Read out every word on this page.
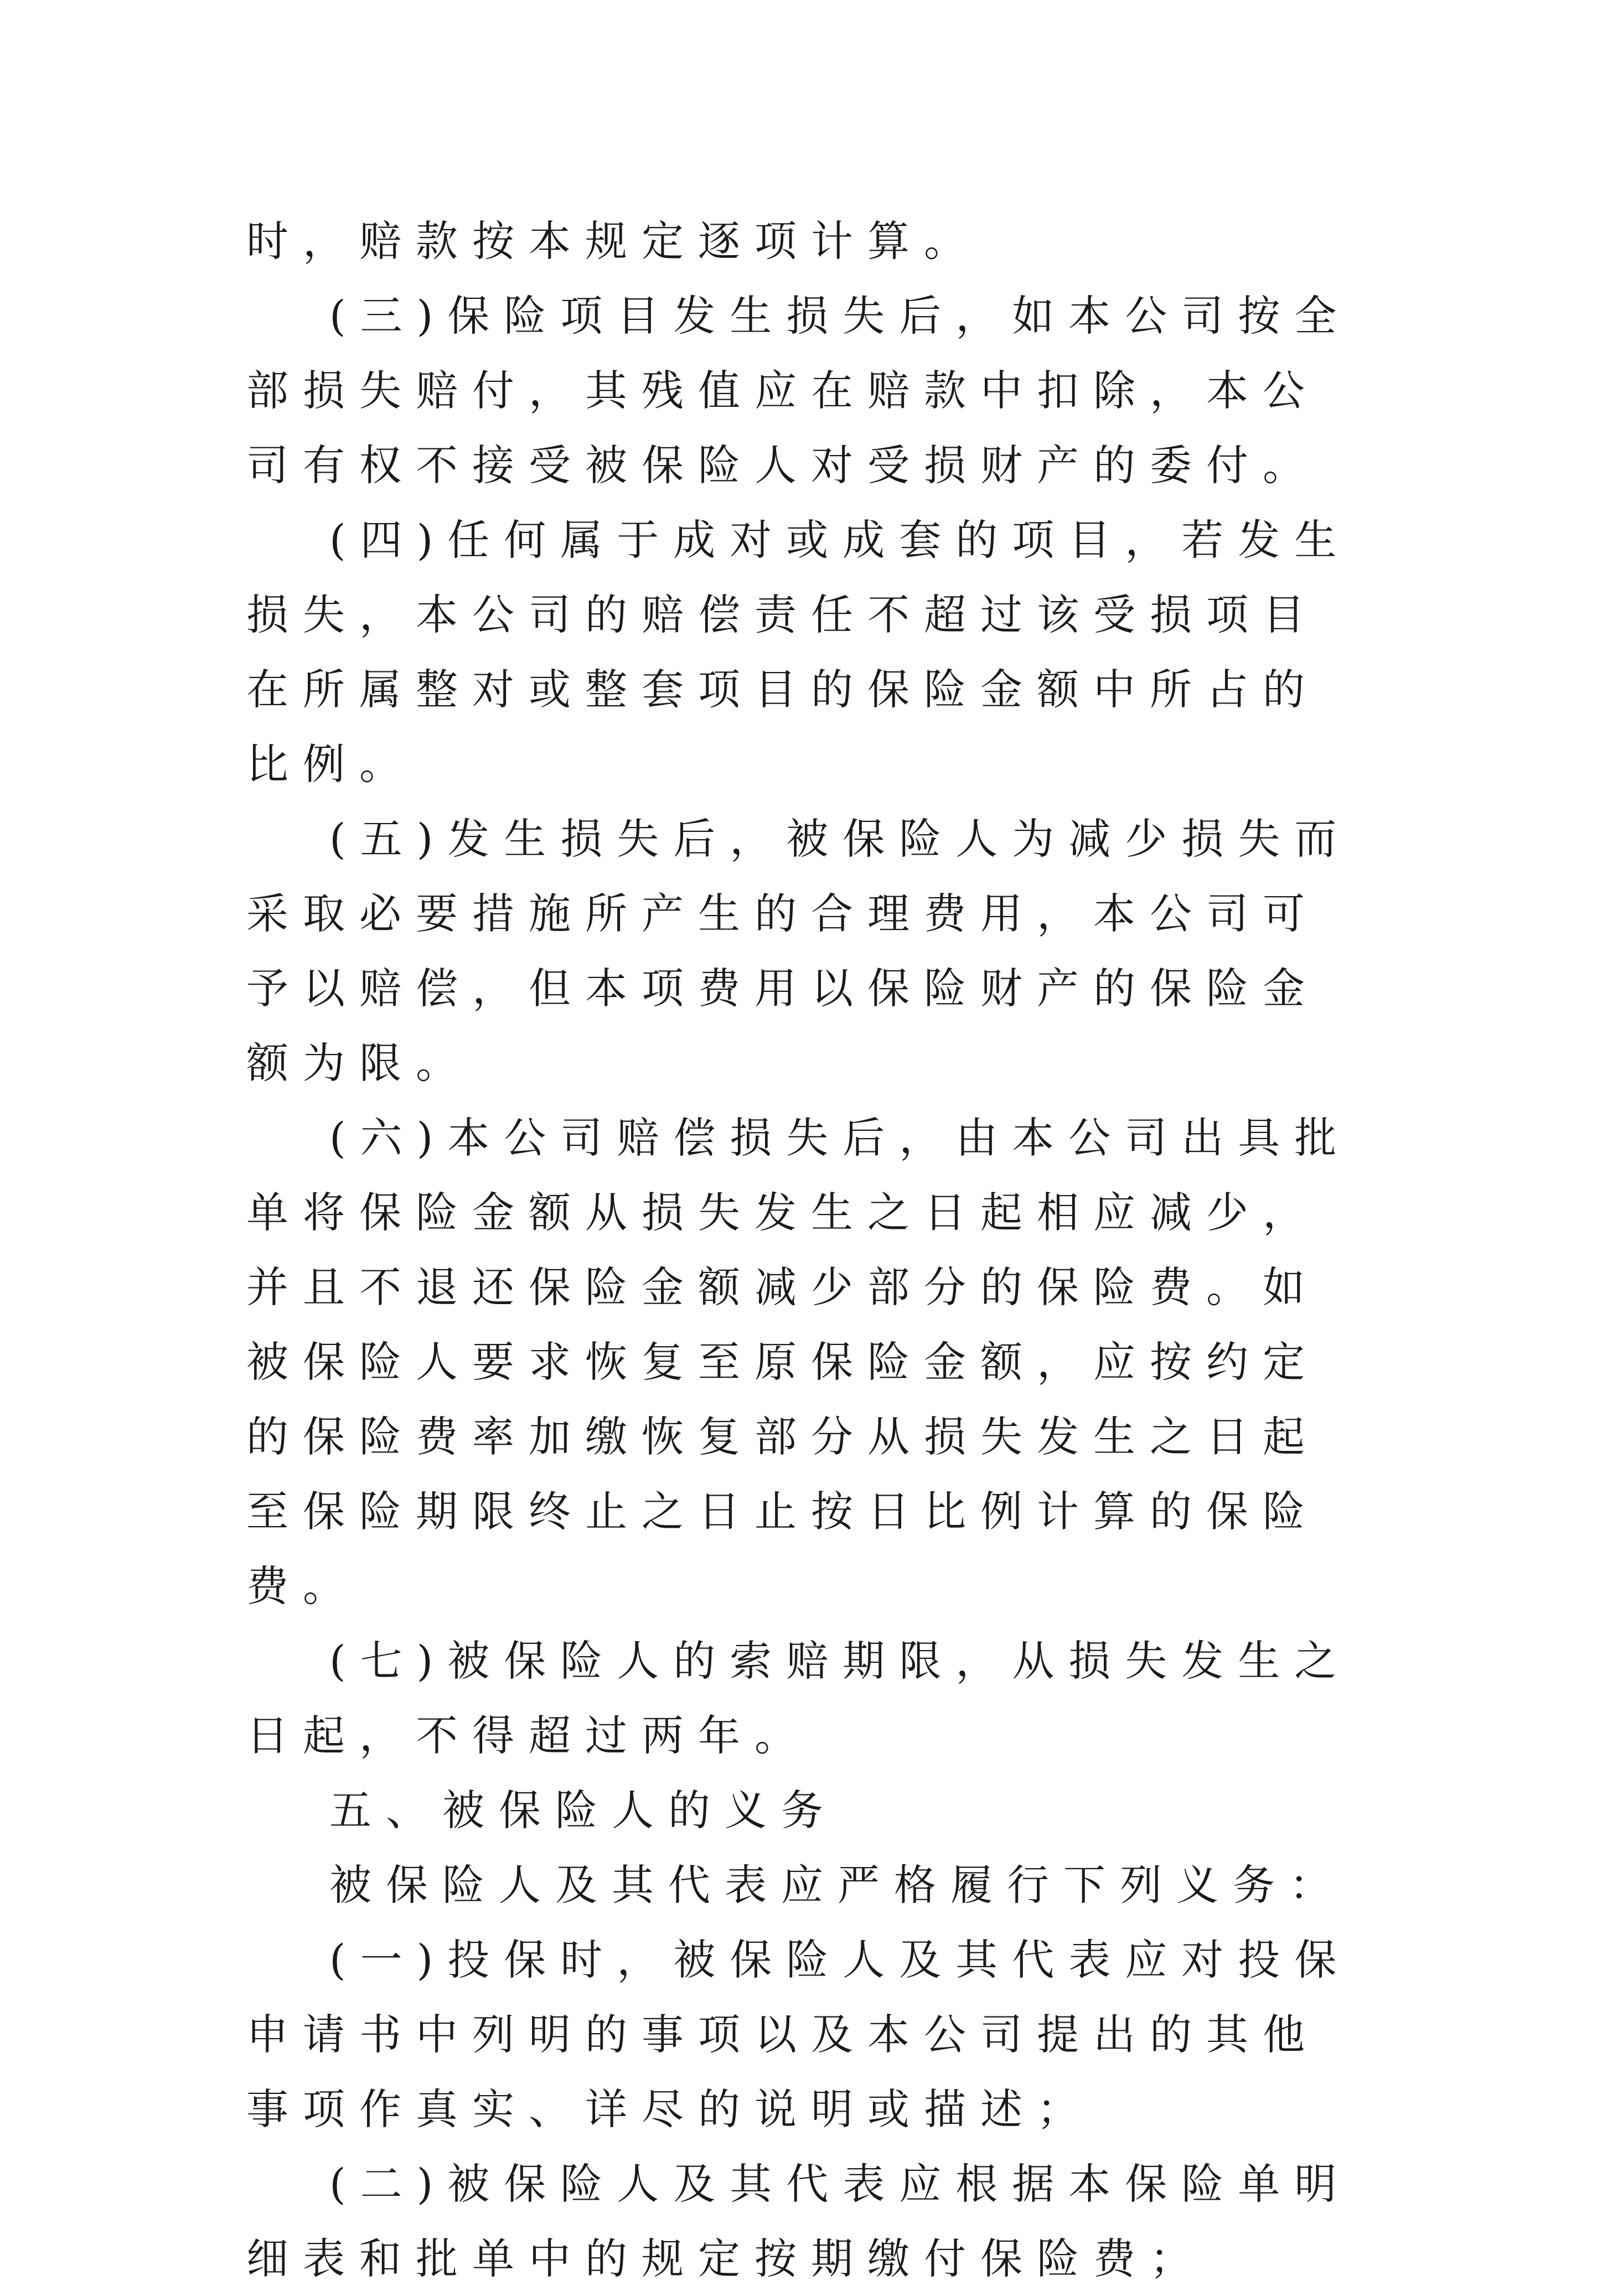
时，赔款按本规定逐项计算。

(三)保险项目发生损失后，如本公司按全部损失赔付，其残值应在赔款中扣除，本公司有权不接受被保险人对受损财产的委付。

(四)任何属于成对或成套的项目，若发生损失，本公司的赔偿责任不超过该受损项目在所属整对或整套项目的保险金额中所占的比例。

(五)发生损失后，被保险人为减少损失而采取必要措施所产生的合理费用，本公司可予以赔偿，但本项费用以保险财产的保险金额为限。

(六)本公司赔偿损失后，由本公司出具批单将保险金额从损失发生之日起相应减少，并且不退还保险金额减少部分的保险费。如被保险人要求恢复至原保险金额，应按约定的保险费率加缴恢复部分从损失发生之日起至保险期限终止之日止按日比例计算的保险费。

(七)被保险人的索赔期限，从损失发生之日起，不得超过两年。

五、被保险人的义务

被保险人及其代表应严格履行下列义务：

(一)投保时，被保险人及其代表应对投保申请书中列明的事项以及本公司提出的其他事项作真实、详尽的说明或描述；

(二)被保险人及其代表应根据本保险单明细表和批单中的规定按期缴付保险费；
